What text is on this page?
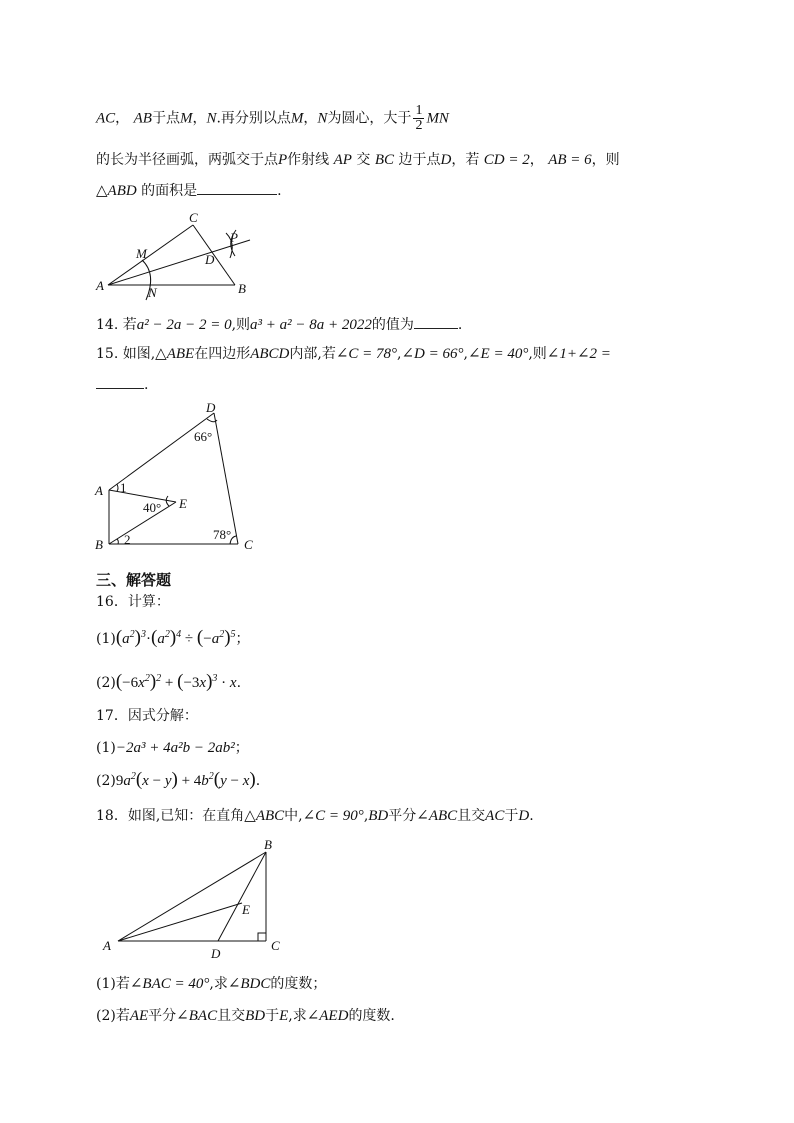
AC， AB于点M，N.再分别以点M，N为圆心，大于 $\frac{1}{2}$ MN
的长为半径画弧，两弧交于点P作射线 AP 交 BC 边于点D，若 CD = 2， AB = 6，则
△ABD 的面积是	.
A	B
C
D
M
N
P
14. 若a² − 2a − 2 = 0,则a³ + a² − 8a + 2022的值为	.
15. 如图,△ABE在四边形ABCD内部,若∠C = 78°,∠D = 66°,∠E = 40°,则∠1+∠2 =
.
D
A
B	C
E
66°
40°
78°
1
2
三、解答题
16．计算：
$(1)(a^2)^3\cdot(a^2)^4 \div (-a^2)^5$；
$(2)(-6x^2)^2 + (-3x)^3 \cdot x$.
17．因式分解：
(1)−2a³ + 4a²b − 2ab²；
$(2)9a^2(x - y) + 4b^2(y - x)$.
18．如图,已知：在直角△ABC中,∠C = 90°,BD平分∠ABC且交AC于D.
B
A	C
D
E
(1)若∠BAC = 40°,求∠BDC的度数；
(2)若AE平分∠BAC且交BD于E,求∠AED的度数.
